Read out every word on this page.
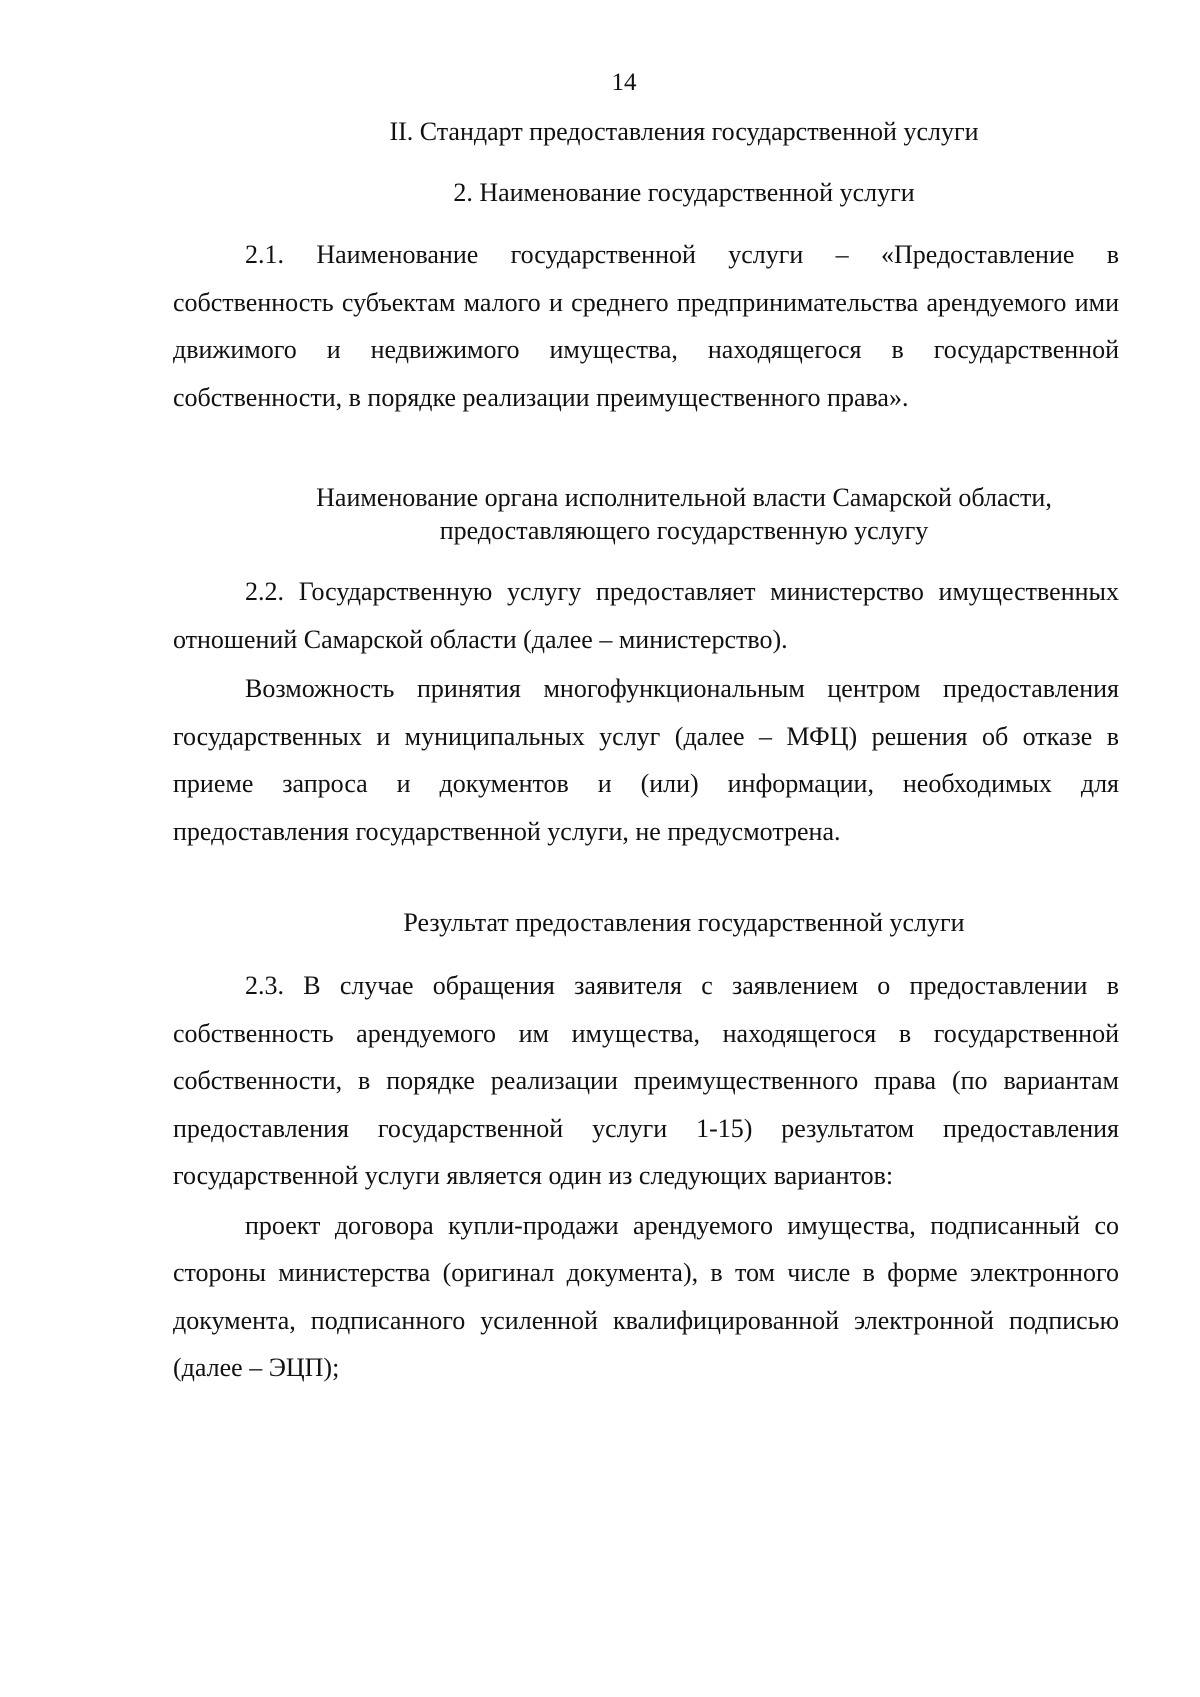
14
II. Стандарт предоставления государственной услуги
2. Наименование государственной услуги

2.1. Наименование государственной услуги – «Предоставление в собственность субъектам малого и среднего предпринимательства арендуемого ими движимого и недвижимого имущества, находящегося в государственной собственности, в порядке реализации преимущественного права».

Наименование органа исполнительной власти Самарской области,
предоставляющего государственную услугу

2.2. Государственную услугу предоставляет министерство имущественных отношений Самарской области (далее – министерство).

Возможность принятия многофункциональным центром предоставления государственных и муниципальных услуг (далее – МФЦ) решения об отказе в приеме запроса и документов и (или) информации, необходимых для предоставления государственной услуги, не предусмотрена.

Результат предоставления государственной услуги

2.3. В случае обращения заявителя с заявлением о предоставлении в собственность арендуемого им имущества, находящегося в государственной собственности, в порядке реализации преимущественного права (по вариантам предоставления государственной услуги 1-15) результатом предоставления государственной услуги является один из следующих вариантов:

проект договора купли-продажи арендуемого имущества, подписанный со стороны министерства (оригинал документа), в том числе в форме электронного документа, подписанного усиленной квалифицированной электронной подписью (далее – ЭЦП);
